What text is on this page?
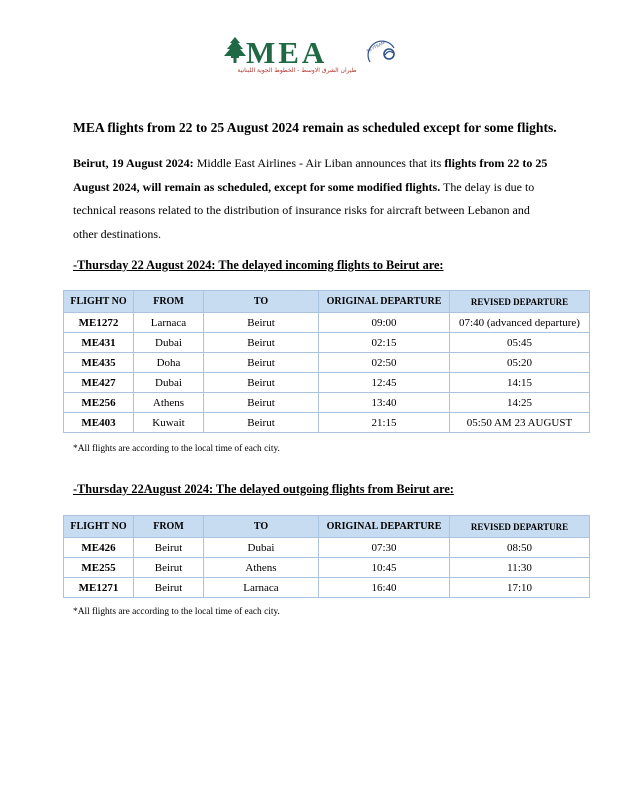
MEA	SKYTEAM
طيران الشرق الاوسط - الخطوط الجوية اللبنانية
MEA flights from 22 to 25 August 2024 remain as scheduled except for some flights.
Beirut, 19 August 2024: Middle East Airlines - Air Liban announces that its flights from 22 to 25 August 2024, will remain as scheduled, except for some modified flights. The delay is due to technical reasons related to the distribution of insurance risks for aircraft between Lebanon and other destinations.
-Thursday 22 August 2024: The delayed incoming flights to Beirut are:
FLIGHT NO	FROM	TO	ORIGINAL DEPARTURE	REVISED DEPARTURE
ME1272	Larnaca	Beirut	09:00	07:40 (advanced departure)
ME431	Dubai	Beirut	02:15	05:45
ME435	Doha	Beirut	02:50	05:20
ME427	Dubai	Beirut	12:45	14:15
ME256	Athens	Beirut	13:40	14:25
ME403	Kuwait	Beirut	21:15	05:50 AM 23 AUGUST
*All flights are according to the local time of each city.
-Thursday 22August 2024: The delayed outgoing flights from Beirut are:
FLIGHT NO	FROM	TO	ORIGINAL DEPARTURE	REVISED DEPARTURE
ME426	Beirut	Dubai	07:30	08:50
ME255	Beirut	Athens	10:45	11:30
ME1271	Beirut	Larnaca	16:40	17:10
*All flights are according to the local time of each city.
